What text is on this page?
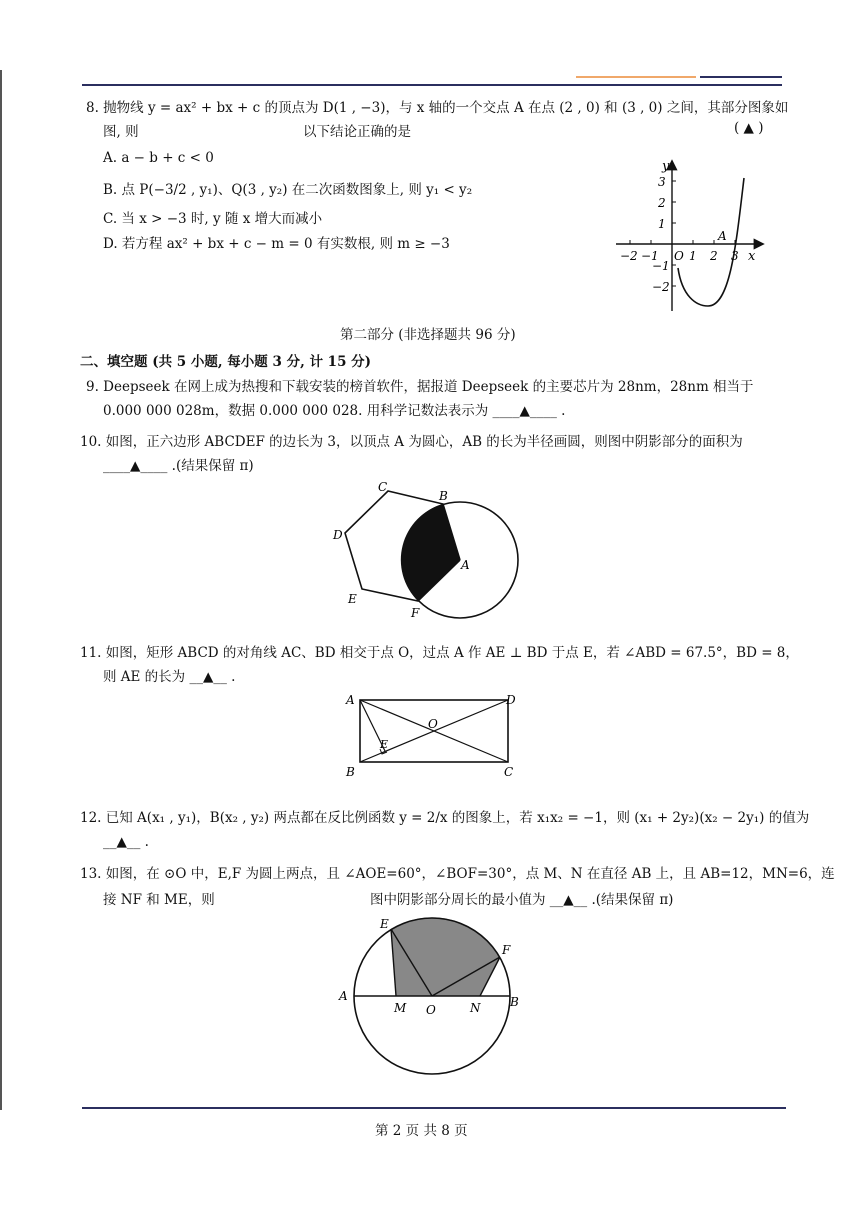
8. 抛物线 y = ax² + bx + c 的顶点为 D(1 , −3)，与 x 轴的一个交点 A 在点 (2 , 0) 和 (3 , 0) 之间，其部分图象如
图, 则	以下结论正确的是	( ▲ )
A. a − b + c < 0
B. 点 P(−3/2 , y₁)、Q(3 , y₂) 在二次函数图象上, 则 y₁ < y₂
C. 当 x > −3 时, y 随 x 增大而减小
D. 若方程 ax² + bx + c − m = 0 有实数根, 则 m ≥ −3
y
x
3
2
1
−1
−2
−2 −1 O 1 2 3
A
第二部分 (非选择题共 96 分)
二、填空题 (共 5 小题, 每小题 3 分, 计 15 分)
9. Deepseek 在网上成为热搜和下载安装的榜首软件，据报道 Deepseek 的主要芯片为 28nm，28nm 相当于
0.000 000 028m，数据 0.000 000 028. 用科学记数法表示为 ____▲____ .
10. 如图，正六边形 ABCDEF 的边长为 3，以顶点 A 为圆心，AB 的长为半径画圆，则图中阴影部分的面积为
____▲____ .(结果保留 π)
C
B
D
A
E
F
11. 如图，矩形 ABCD 的对角线 AC、BD 相交于点 O，过点 A 作 AE ⊥ BD 于点 E，若 ∠ABD = 67.5°，BD = 8，
则 AE 的长为 __▲__ .
A	D
O
E
B	C
12. 已知 A(x₁ , y₁)，B(x₂ , y₂) 两点都在反比例函数 y = 2/x 的图象上，若 x₁x₂ = −1，则 (x₁ + 2y₂)(x₂ − 2y₁) 的值为
__▲__ .
13. 如图，在 ⊙O 中，E,F 为圆上两点，且 ∠AOE=60°，∠BOF=30°，点 M、N 在直径 AB 上，且 AB=12，MN=6，连
接 NF 和 ME，则	图中阴影部分周长的最小值为 __▲__ .(结果保留 π)
E
F
A
M O	N B
第 2 页 共 8 页
